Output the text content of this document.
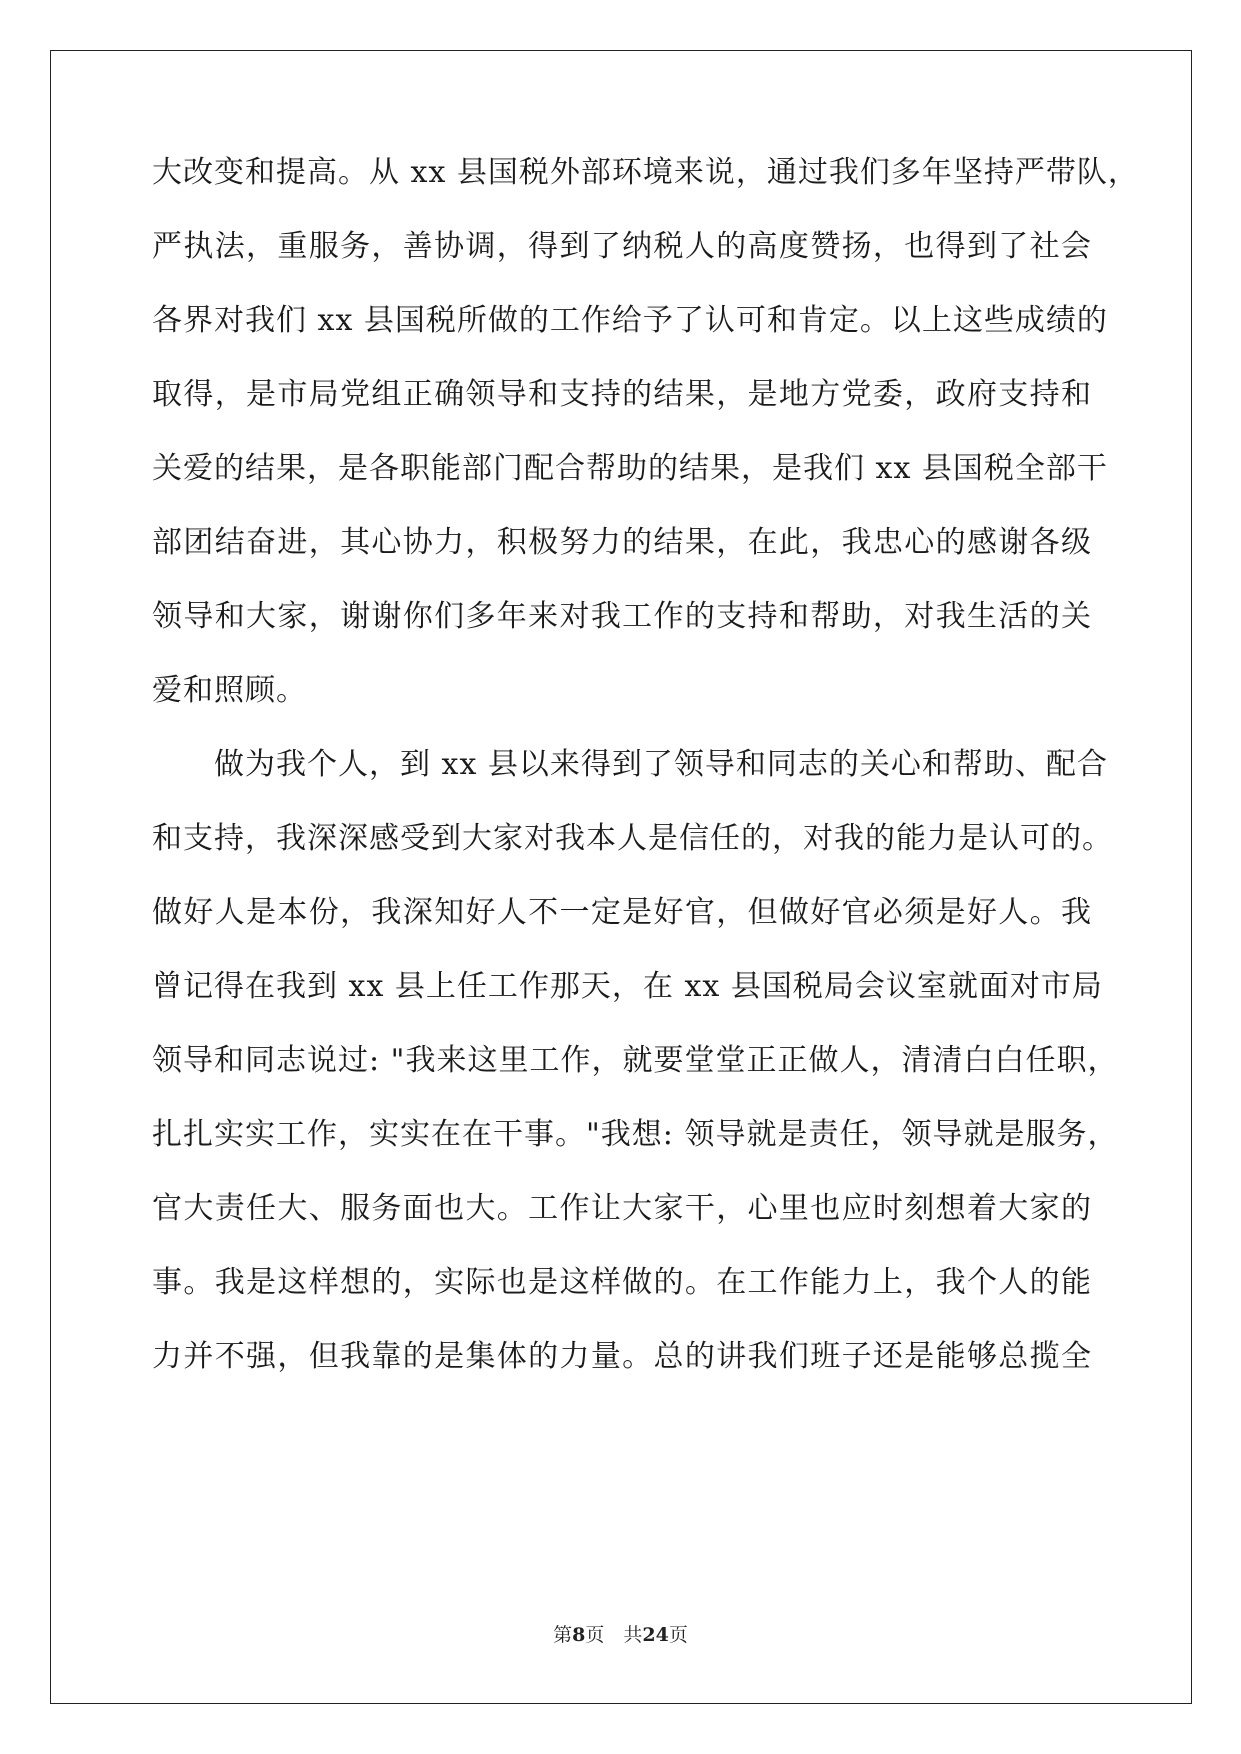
大改变和提高。从 xx 县国税外部环境来说，通过我们多年坚持严带队，
严执法，重服务，善协调，得到了纳税人的高度赞扬，也得到了社会
各界对我们 xx 县国税所做的工作给予了认可和肯定。以上这些成绩的
取得，是市局党组正确领导和支持的结果，是地方党委，政府支持和
关爱的结果，是各职能部门配合帮助的结果，是我们 xx 县国税全部干
部团结奋进，其心协力，积极努力的结果，在此，我忠心的感谢各级
领导和大家，谢谢你们多年来对我工作的支持和帮助，对我生活的关
爱和照顾。
做为我个人，到 xx 县以来得到了领导和同志的关心和帮助、配合
和支持，我深深感受到大家对我本人是信任的，对我的能力是认可的。
做好人是本份，我深知好人不一定是好官，但做好官必须是好人。我
曾记得在我到 xx 县上任工作那天，在 xx 县国税局会议室就面对市局
领导和同志说过: "我来这里工作，就要堂堂正正做人，清清白白任职，
扎扎实实工作，实实在在干事。"我想: 领导就是责任，领导就是服务，
官大责任大、服务面也大。工作让大家干，心里也应时刻想着大家的
事。我是这样想的，实际也是这样做的。在工作能力上，我个人的能
力并不强，但我靠的是集体的力量。总的讲我们班子还是能够总揽全
第8页　共24页
